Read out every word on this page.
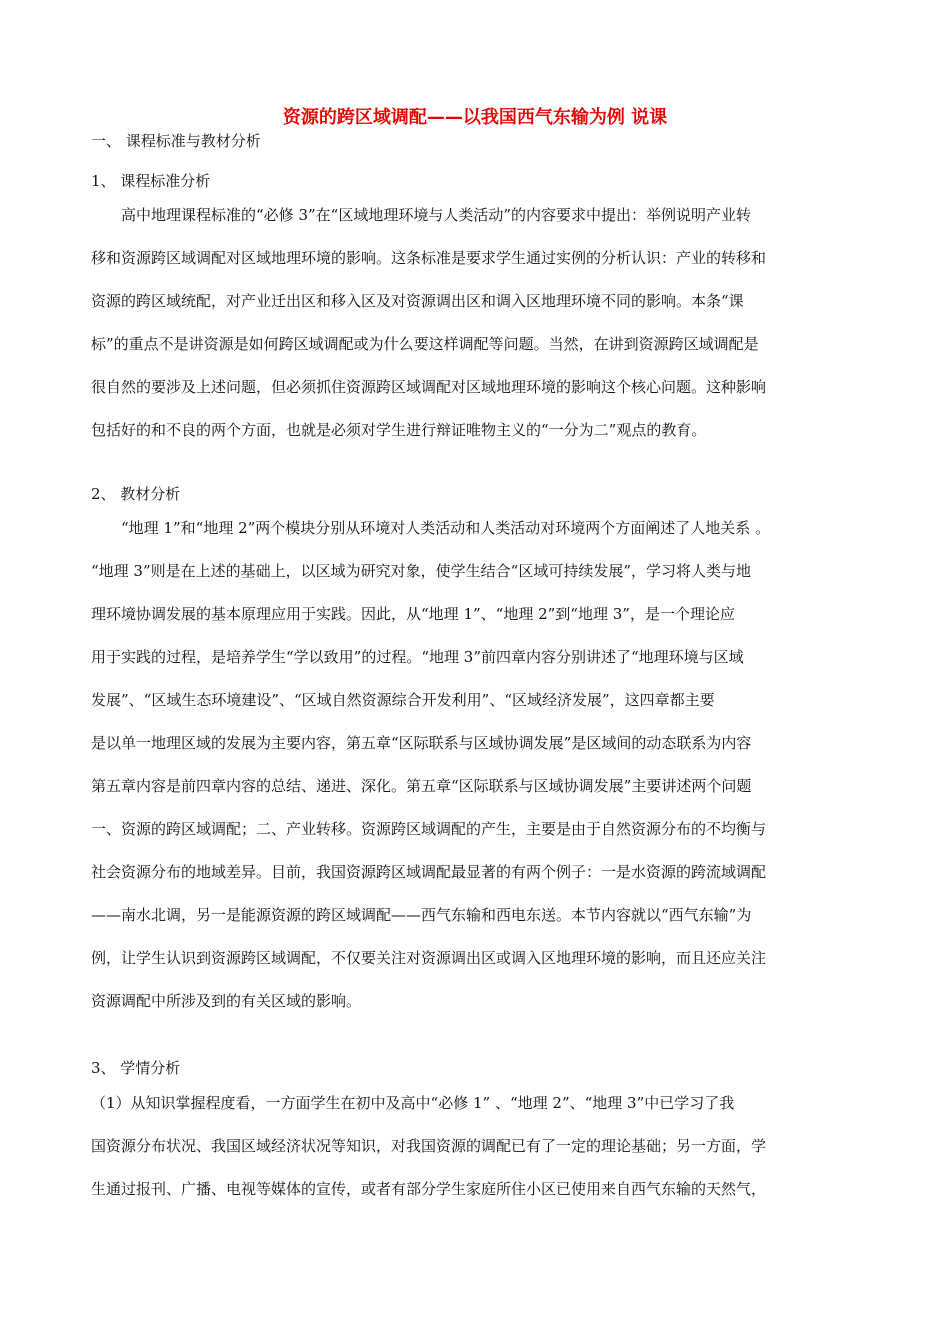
资源的跨区域调配——以我国西气东输为例 说课
一、 课程标准与教材分析
1、 课程标准分析
高中地理课程标准的“必修 3”在“区域地理环境与人类活动”的内容要求中提出：举例说明产业转
移和资源跨区域调配对区域地理环境的影响。这条标准是要求学生通过实例的分析认识：产业的转移和
资源的跨区域统配，对产业迁出区和移入区及对资源调出区和调入区地理环境不同的影响。本条“课
标”的重点不是讲资源是如何跨区域调配或为什么要这样调配等问题。当然，在讲到资源跨区域调配是
很自然的要涉及上述问题，但必须抓住资源跨区域调配对区域地理环境的影响这个核心问题。这种影响
包括好的和不良的两个方面，也就是必须对学生进行辩证唯物主义的“一分为二”观点的教育。
2、 教材分析
“地理 1”和“地理 2”两个模块分别从环境对人类活动和人类活动对环境两个方面阐述了人地关系 。
“地理 3”则是在上述的基础上，以区域为研究对象，使学生结合“区域可持续发展”，学习将人类与地
理环境协调发展的基本原理应用于实践。因此，从“地理 1”、“地理 2”到“地理 3”，是一个理论应
用于实践的过程，是培养学生“学以致用”的过程。“地理 3”前四章内容分别讲述了“地理环境与区域
发展”、“区域生态环境建设”、“区域自然资源综合开发利用”、“区域经济发展”，这四章都主要
是以单一地理区域的发展为主要内容，第五章“区际联系与区域协调发展”是区域间的动态联系为内容
第五章内容是前四章内容的总结、递进、深化。第五章“区际联系与区域协调发展”主要讲述两个问题
一、资源的跨区域调配；二、产业转移。资源跨区域调配的产生，主要是由于自然资源分布的不均衡与
社会资源分布的地域差异。目前，我国资源跨区域调配最显著的有两个例子：一是水资源的跨流域调配
——南水北调，另一是能源资源的跨区域调配——西气东输和西电东送。本节内容就以“西气东输”为
例，让学生认识到资源跨区域调配，不仅要关注对资源调出区或调入区地理环境的影响，而且还应关注
资源调配中所涉及到的有关区域的影响。
3、 学情分析
（1）从知识掌握程度看，一方面学生在初中及高中“必修 1” 、“地理 2”、“地理 3”中已学习了我
国资源分布状况、我国区域经济状况等知识，对我国资源的调配已有了一定的理论基础；另一方面，学
生通过报刊、广播、电视等媒体的宣传，或者有部分学生家庭所住小区已使用来自西气东输的天然气，
